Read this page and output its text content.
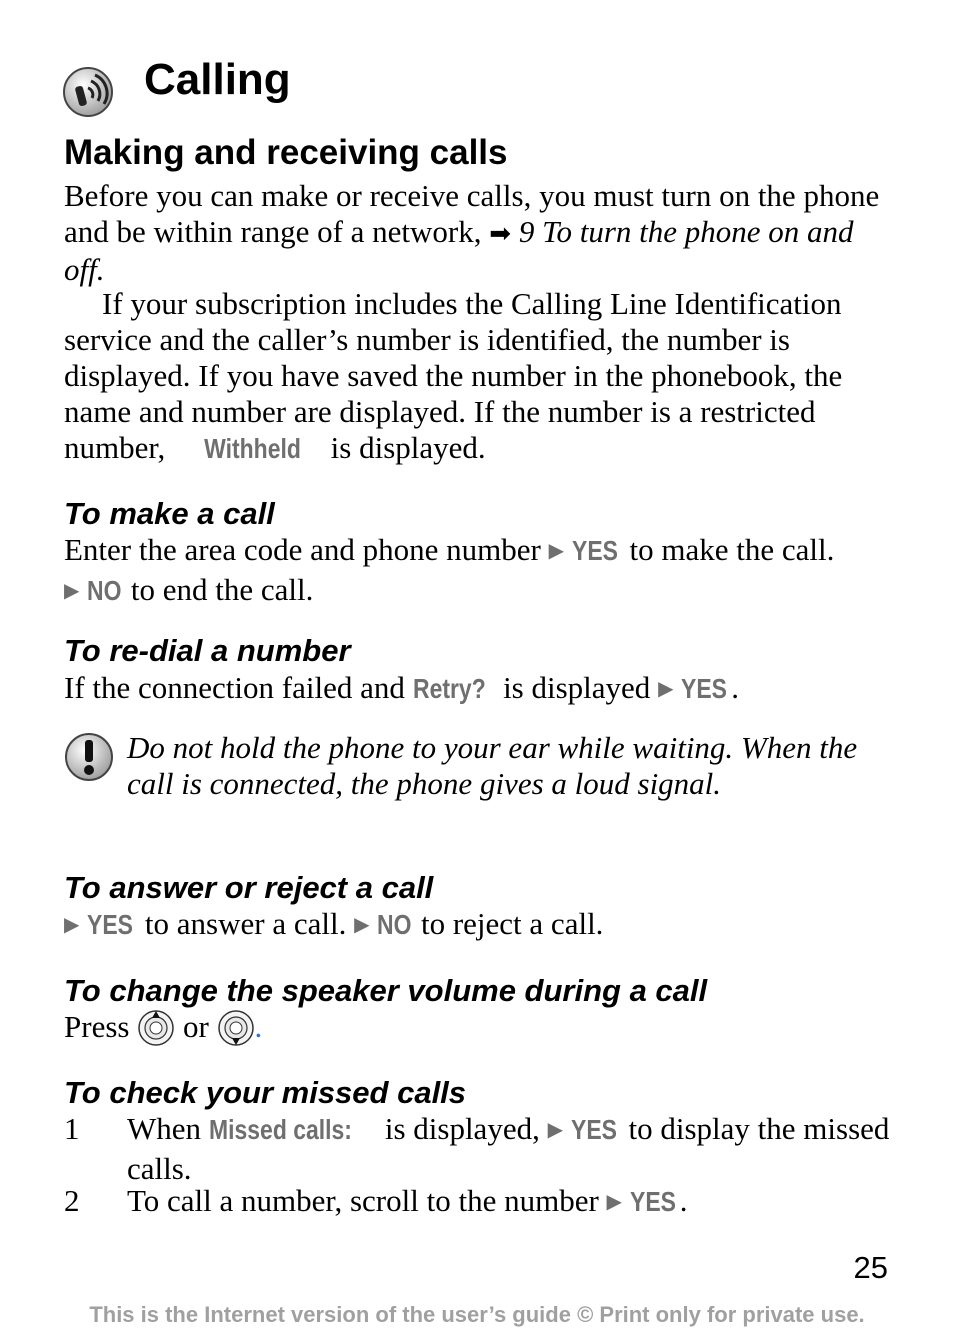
Calling
Making and receiving calls

Before you can make or receive calls, you must turn on the phone and be within range of a network, ➡ 9 To turn the phone on and off.

If your subscription includes the Calling Line Identification service and the caller’s number is identified, the number is displayed. If you have saved the number in the phonebook, the name and number are displayed. If the number is a restricted number, Withheld is displayed.

To make a call

Enter the area code and phone number ▶ YES to make the call.
▶ NO to end the call.

To re-dial a number

If the connection failed and Retry? is displayed ▶ YES .

Do not hold the phone to your ear while waiting. When the call is connected, the phone gives a loud signal.

To answer or reject a call

▶ YES to answer a call. ▶ NO to reject a call.

To change the speaker volume during a call

Press or .

To check your missed calls
1 When Missed calls: is displayed, ▶ YES to display the missed calls.

2 To call a number, scroll to the number ▶ YES .

25
This is the Internet version of the user’s guide © Print only for private use.
